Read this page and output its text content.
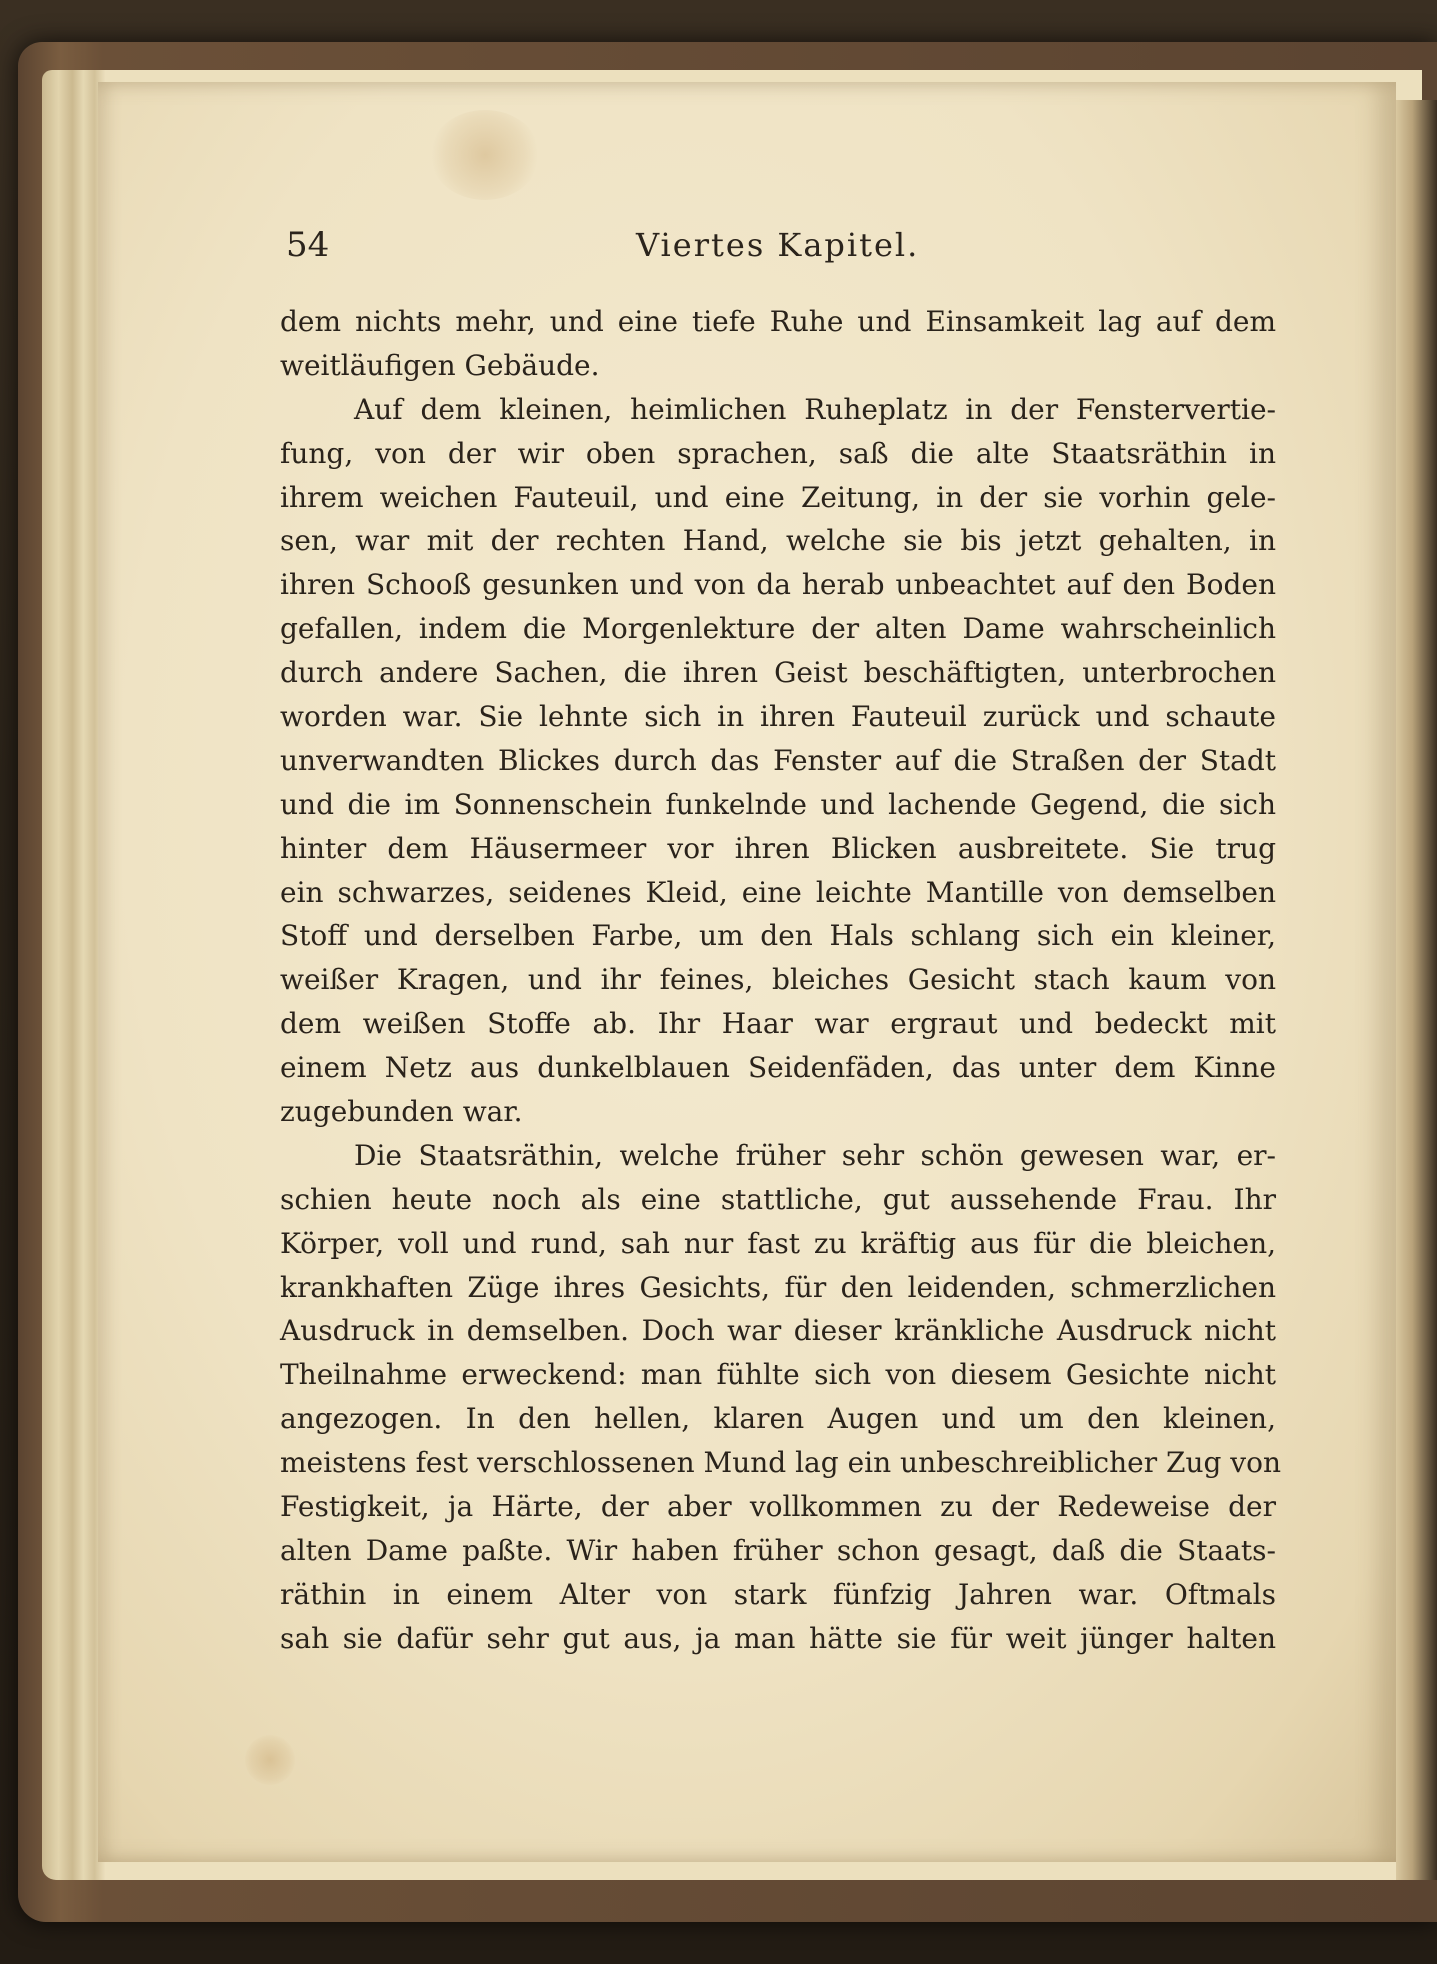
54	Viertes Kapitel.
dem nichts mehr, und eine tiefe Ruhe und Einsamkeit lag auf dem
weitläufigen Gebäude.
Auf dem kleinen, heimlichen Ruheplatz in der Fenstervertie-
fung, von der wir oben sprachen, saß die alte Staatsräthin in
ihrem weichen Fauteuil, und eine Zeitung, in der sie vorhin gele-
sen, war mit der rechten Hand, welche sie bis jetzt gehalten, in
ihren Schooß gesunken und von da herab unbeachtet auf den Boden
gefallen, indem die Morgenlekture der alten Dame wahrscheinlich
durch andere Sachen, die ihren Geist beschäftigten, unterbrochen
worden war. Sie lehnte sich in ihren Fauteuil zurück und schaute
unverwandten Blickes durch das Fenster auf die Straßen der Stadt
und die im Sonnenschein funkelnde und lachende Gegend, die sich
hinter dem Häusermeer vor ihren Blicken ausbreitete. Sie trug
ein schwarzes, seidenes Kleid, eine leichte Mantille von demselben
Stoff und derselben Farbe, um den Hals schlang sich ein kleiner,
weißer Kragen, und ihr feines, bleiches Gesicht stach kaum von
dem weißen Stoffe ab. Ihr Haar war ergraut und bedeckt mit
einem Netz aus dunkelblauen Seidenfäden, das unter dem Kinne
zugebunden war.
Die Staatsräthin, welche früher sehr schön gewesen war, er-
schien heute noch als eine stattliche, gut aussehende Frau. Ihr
Körper, voll und rund, sah nur fast zu kräftig aus für die bleichen,
krankhaften Züge ihres Gesichts, für den leidenden, schmerzlichen
Ausdruck in demselben. Doch war dieser kränkliche Ausdruck nicht
Theilnahme erweckend: man fühlte sich von diesem Gesichte nicht
angezogen. In den hellen, klaren Augen und um den kleinen,
meistens fest verschlossenen Mund lag ein unbeschreiblicher Zug von
Festigkeit, ja Härte, der aber vollkommen zu der Redeweise der
alten Dame paßte. Wir haben früher schon gesagt, daß die Staats-
räthin in einem Alter von stark fünfzig Jahren war. Oftmals
sah sie dafür sehr gut aus, ja man hätte sie für weit jünger halten
